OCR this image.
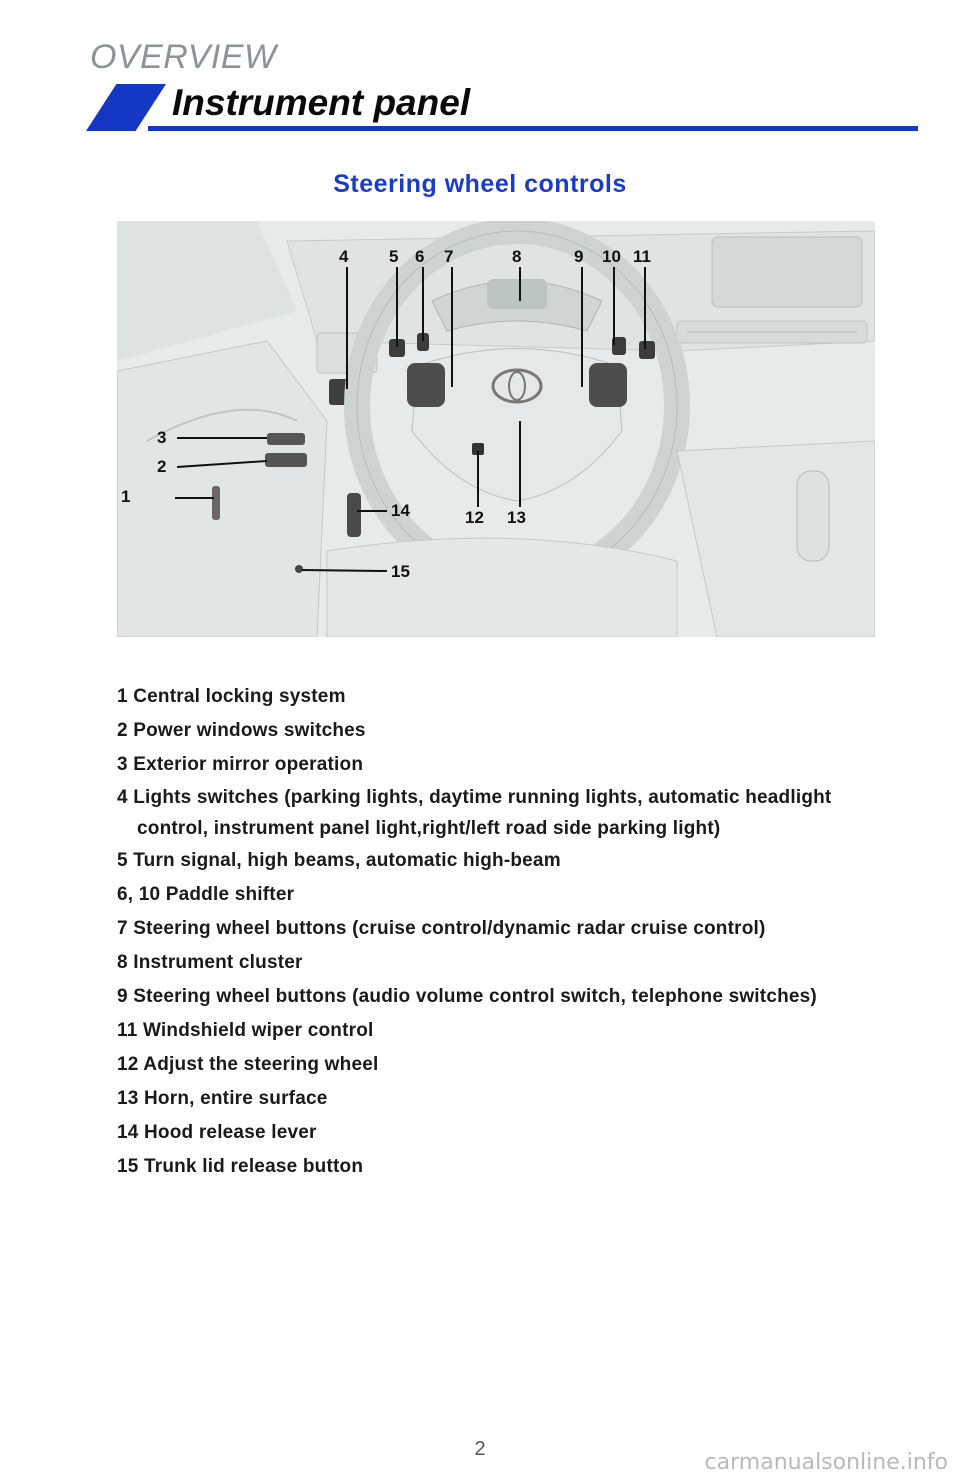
OVERVIEW
Instrument panel
Steering wheel controls
1
2
3
4 5 6 7	8	9 10 11
12 13
14
15
1 Central locking system
2 Power windows switches
3 Exterior mirror operation
4 Lights switches (parking lights, daytime running lights, automatic headlight
control, instrument panel light,right/left road side parking light)
5 Turn signal, high beams, automatic high-beam
6, 10 Paddle shifter
7 Steering wheel buttons (cruise control/dynamic radar cruise control)
8 Instrument cluster
9 Steering wheel buttons (audio volume control switch, telephone switches)
11 Windshield wiper control
12 Adjust the steering wheel
13 Horn, entire surface
14 Hood release lever
15 Trunk lid release button
2
carmanualsonline.info
